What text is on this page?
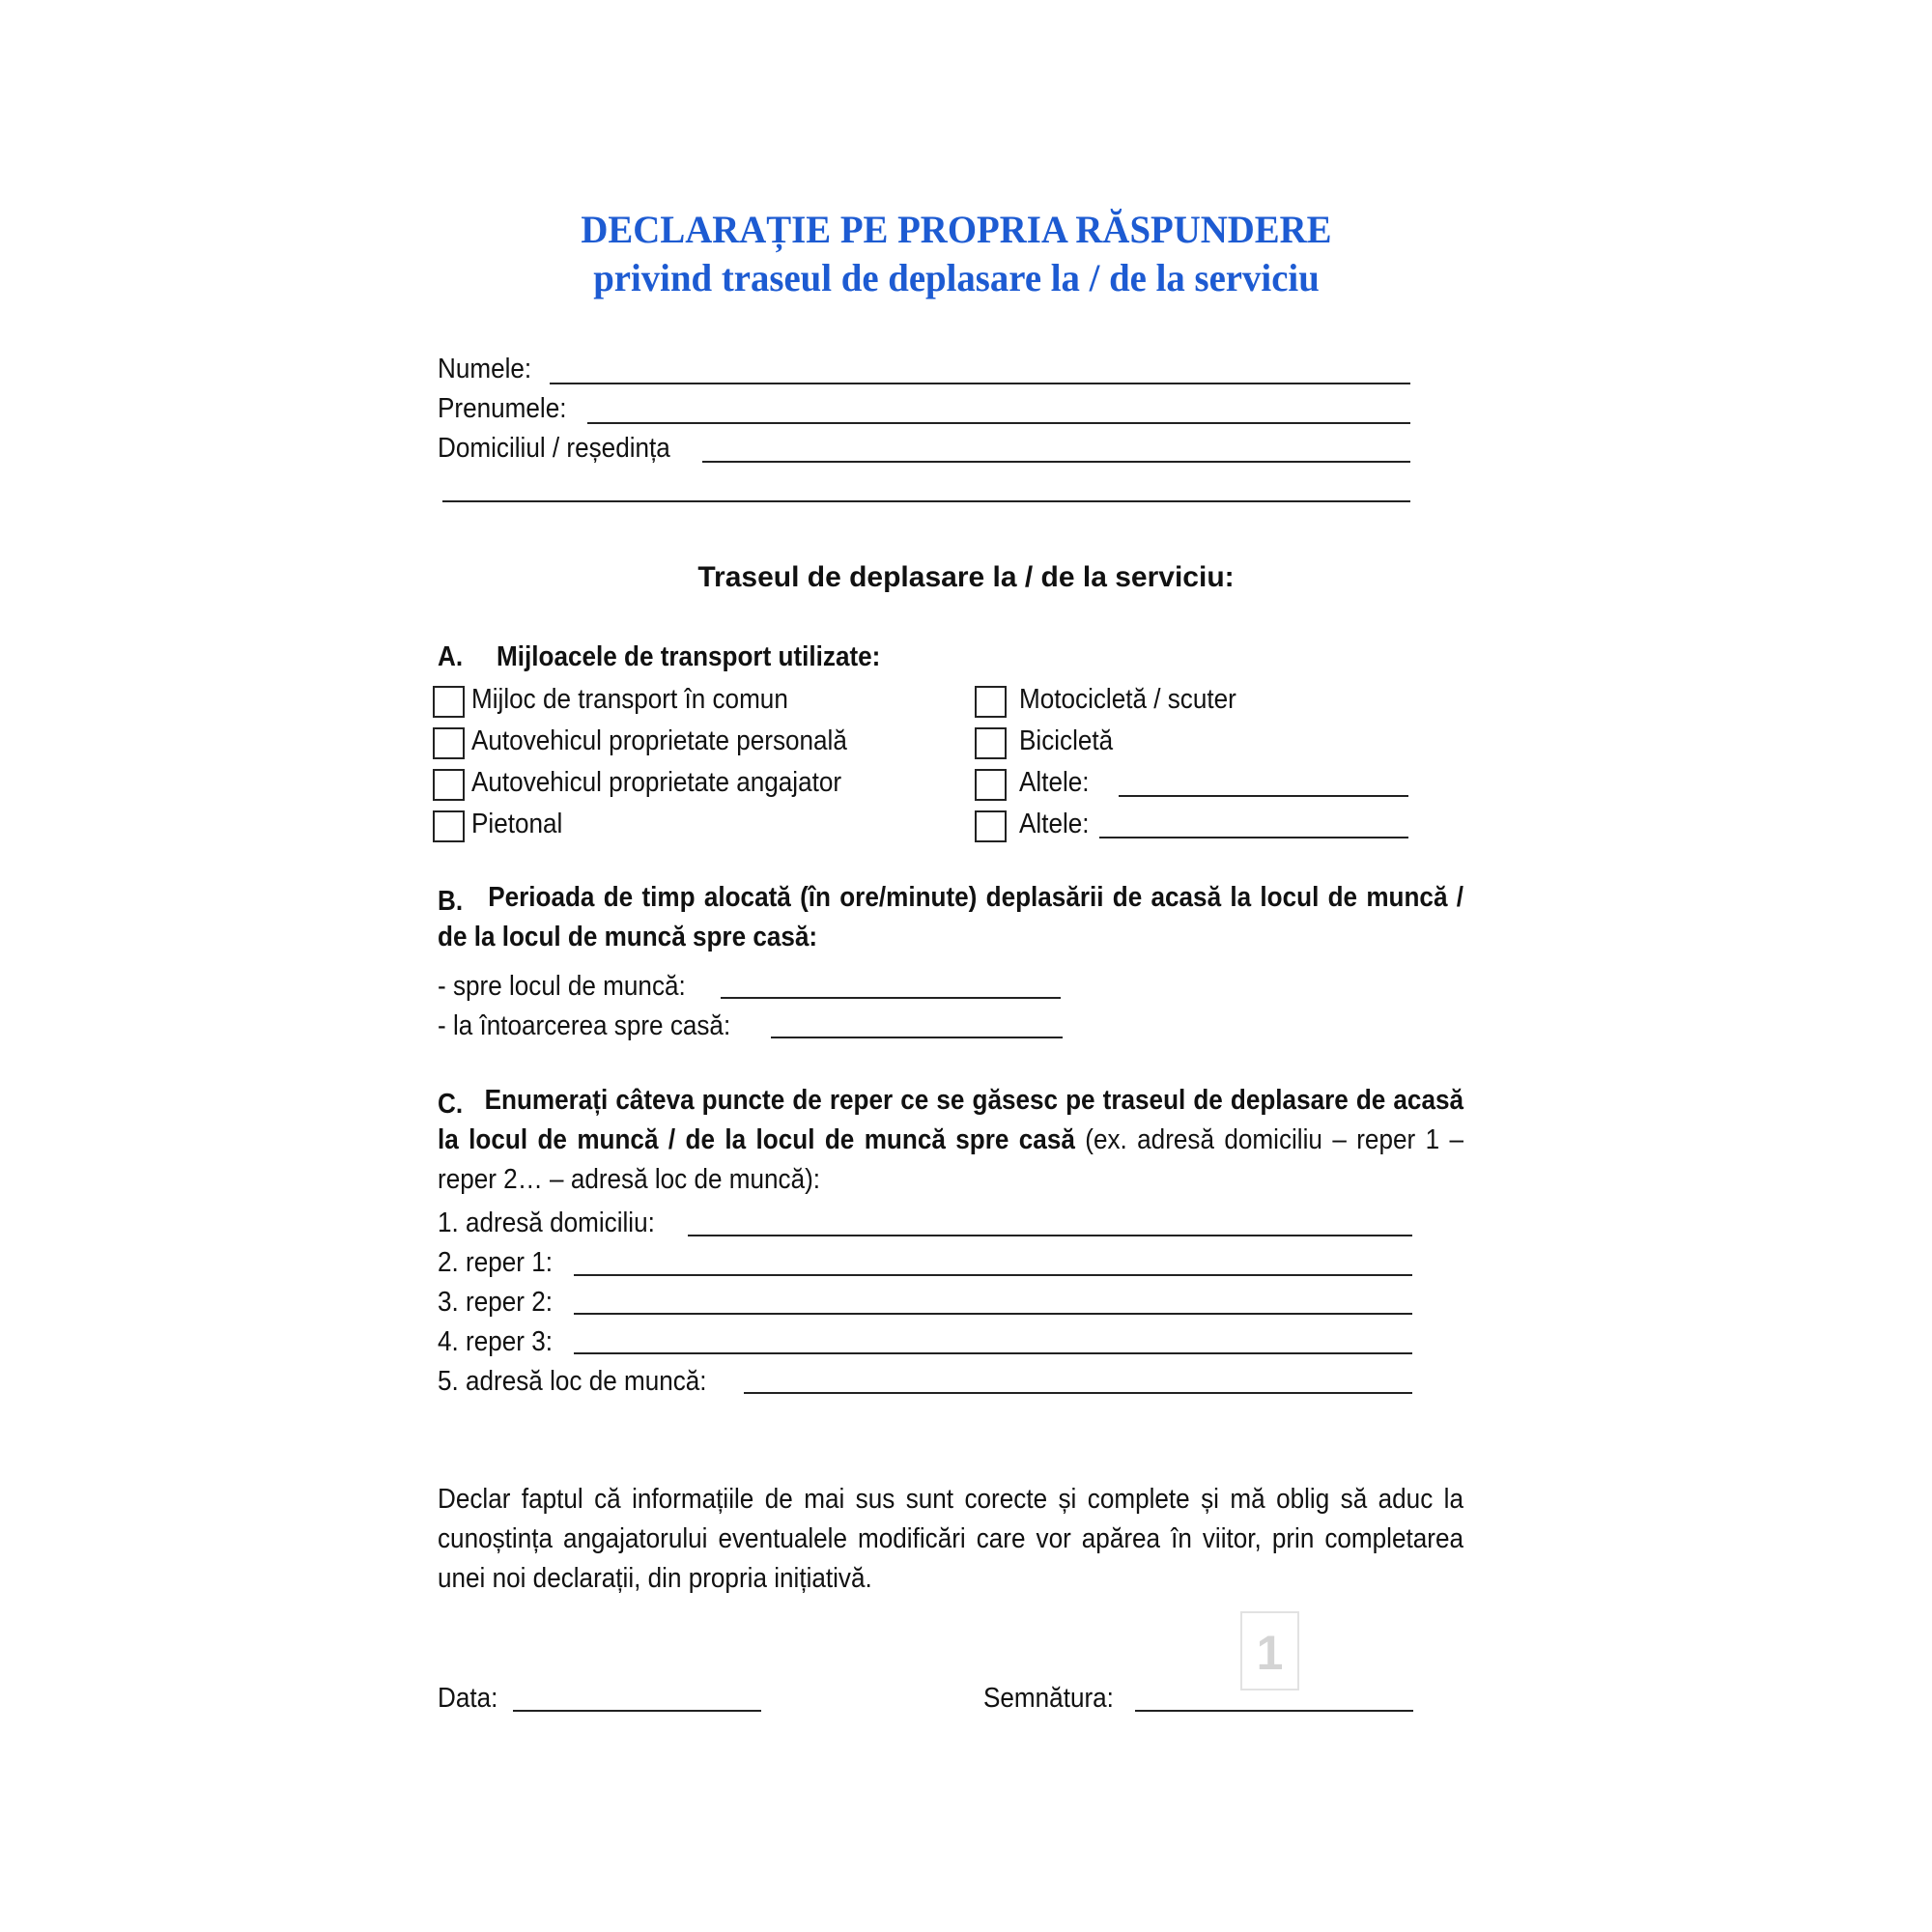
DECLARAȚIE PE PROPRIA RĂSPUNDERE
privind traseul de deplasare la / de la serviciu
Numele:
Prenumele:
Domiciliul / reședința
Traseul de deplasare la / de la serviciu:
A. Mijloacele de transport utilizate:
Mijloc de transport în comun
Autovehicul proprietate personală
Autovehicul proprietate angajator
Pietonal
Motocicletă / scuter
Bicicletă
Altele:
Altele:
B. Perioada de timp alocată (în ore/minute) deplasării de acasă la locul de muncă / de la locul de muncă spre casă:
- spre locul de muncă:
- la întoarcerea spre casă:
C. Enumerați câteva puncte de reper ce se găsesc pe traseul de deplasare de acasă la locul de muncă / de la locul de muncă spre casă (ex. adresă domiciliu – reper 1 – reper 2… – adresă loc de muncă):
1. adresă domiciliu:
2. reper 1:
3. reper 2:
4. reper 3:
5. adresă loc de muncă:
Declar faptul că informațiile de mai sus sunt corecte și complete și mă oblig să aduc la cunoștința angajatorului eventualele modificări care vor apărea în viitor, prin completarea unei noi declarații, din propria inițiativă.
Data:	Semnătura:
1
